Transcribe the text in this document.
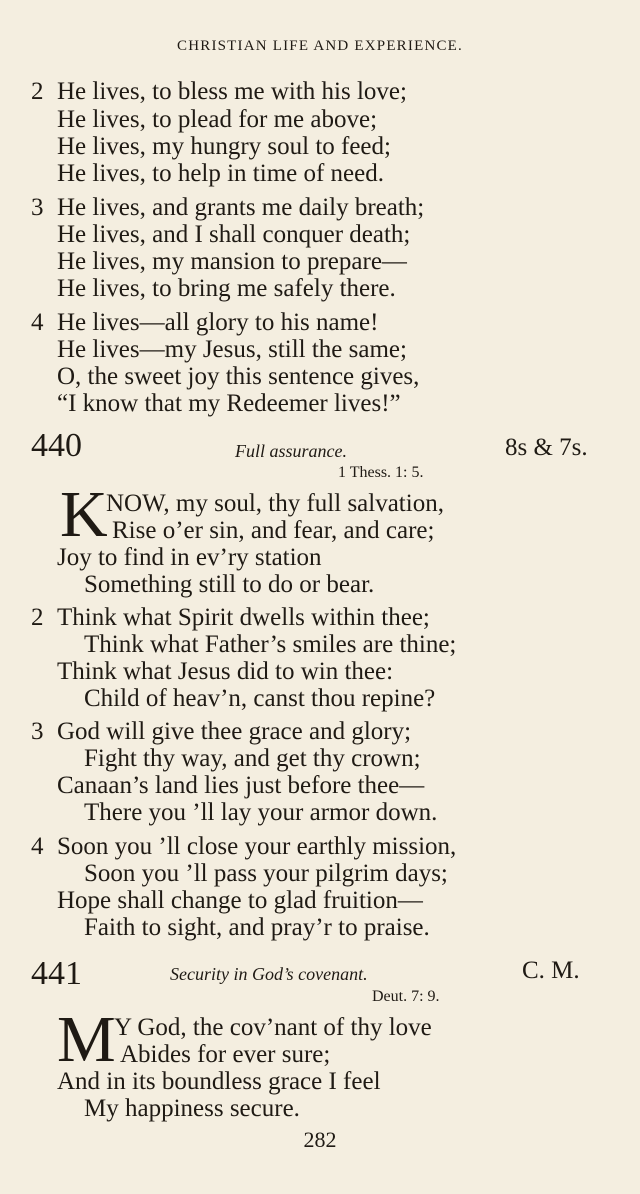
CHRISTIAN LIFE AND EXPERIENCE.
2 He lives, to bless me with his love;
He lives, to plead for me above;
He lives, my hungry soul to feed;
He lives, to help in time of need.
3 He lives, and grants me daily breath;
He lives, and I shall conquer death;
He lives, my mansion to prepare—
He lives, to bring me safely there.
4 He lives—all glory to his name!
He lives—my Jesus, still the same;
O, the sweet joy this sentence gives,
“I know that my Redeemer lives!”
440	Full assurance.	8s & 7s.
1 Thess. 1: 5.
K
NOW, my soul, thy full salvation,
Rise o’er sin, and fear, and care;
Joy to find in ev’ry station
Something still to do or bear.
2 Think what Spirit dwells within thee;
Think what Father’s smiles are thine;
Think what Jesus did to win thee:
Child of heav’n, canst thou repine?
3 God will give thee grace and glory;
Fight thy way, and get thy crown;
Canaan’s land lies just before thee—
There you ’ll lay your armor down.
4 Soon you ’ll close your earthly mission,
Soon you ’ll pass your pilgrim days;
Hope shall change to glad fruition—
Faith to sight, and pray’r to praise.
441	Security in God’s covenant.	C. M.
Deut. 7: 9.
M
Y God, the cov’nant of thy love
Abides for ever sure;
And in its boundless grace I feel
My happiness secure.
282
